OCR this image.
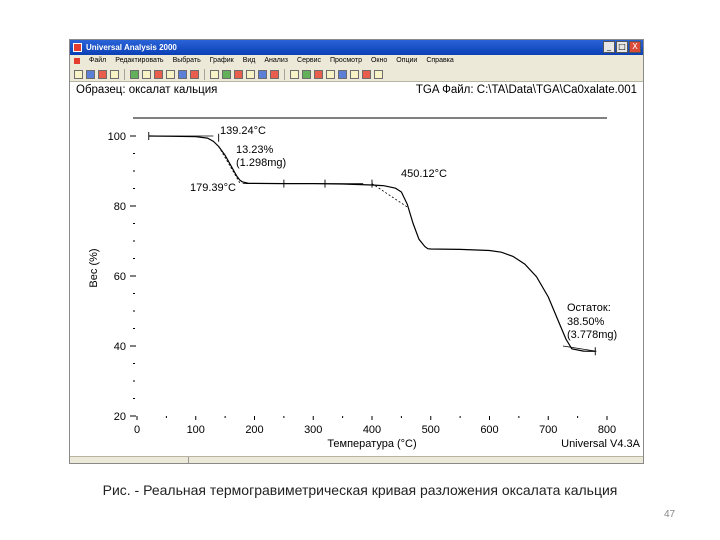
Universal Analysis 2000	_ □ X
Файл Редактировать Выбрать График Вид Анализ Сервис Просмотр Окно Опции Справка
Образец: оксалат кальция	TGA Файл: C:\TA\Data\TGA\Ca0xalate.001
0	100	200	300	400	500	600	700	800
20
40
60
80
100
Температура (°C)
Вес (%)
Universal V4.3A
139.24°C
13.23%
(1.298mg)
179.39°C
450.12°C
Остаток:
38.50%
(3.778mg)
Рис. - Реальная термогравиметрическая кривая разложения оксалата кальция
47
